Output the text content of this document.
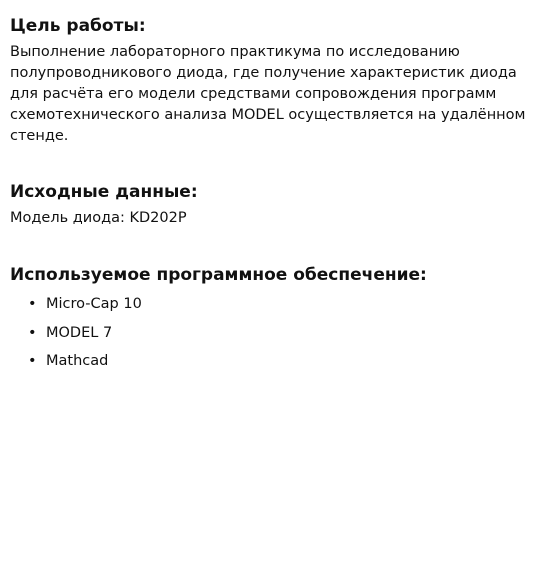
Цель работы:

Выполнение лабораторного практикума по исследованию полупроводникового диода, где получение характеристик диода для расчёта его модели средствами сопровождения программ схемотехнического анализа MODEL осуществляется на удалённом стенде.

Исходные данные:

Модель диода: KD202P

Используемое программное обеспечение:
• Micro-Cap 10
• MODEL 7
• Mathcad
